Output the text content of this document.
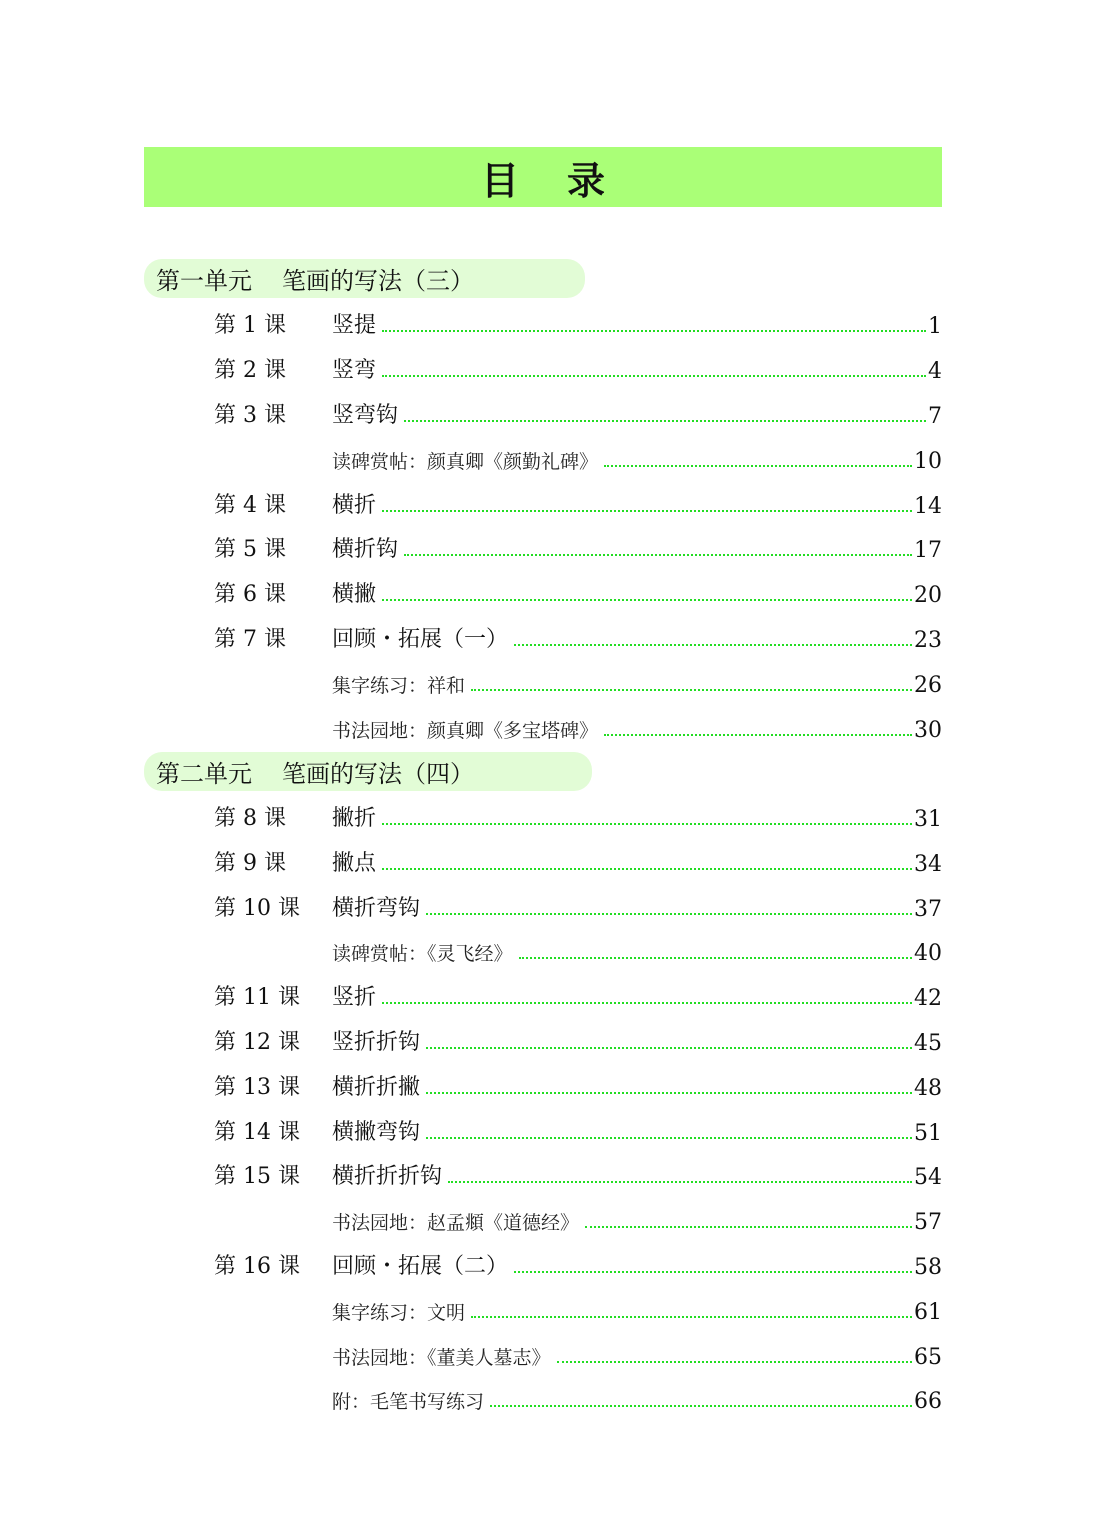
目 录
第一单元 笔画的写法（三）
第二单元 笔画的写法（四）
第 1 课	竖提	1
第 2 课	竖弯	4
第 3 课	竖弯钩	7
读碑赏帖：颜真卿《颜勤礼碑》	10
第 4 课	横折	14
第 5 课	横折钩	17
第 6 课	横撇	20
第 7 课	回顾・拓展（一）	23
集字练习：祥和	26
书法园地：颜真卿《多宝塔碑》	30
第 8 课	撇折	31
第 9 课	撇点	34
第 10 课	横折弯钩	37
读碑赏帖：《灵飞经》	40
第 11 课	竖折	42
第 12 课	竖折折钩	45
第 13 课	横折折撇	48
第 14 课	横撇弯钩	51
第 15 课	横折折折钩	54
书法园地：赵孟頫《道德经》	57
第 16 课	回顾・拓展（二）	58
集字练习：文明	61
书法园地：《董美人墓志》	65
附：毛笔书写练习	66
